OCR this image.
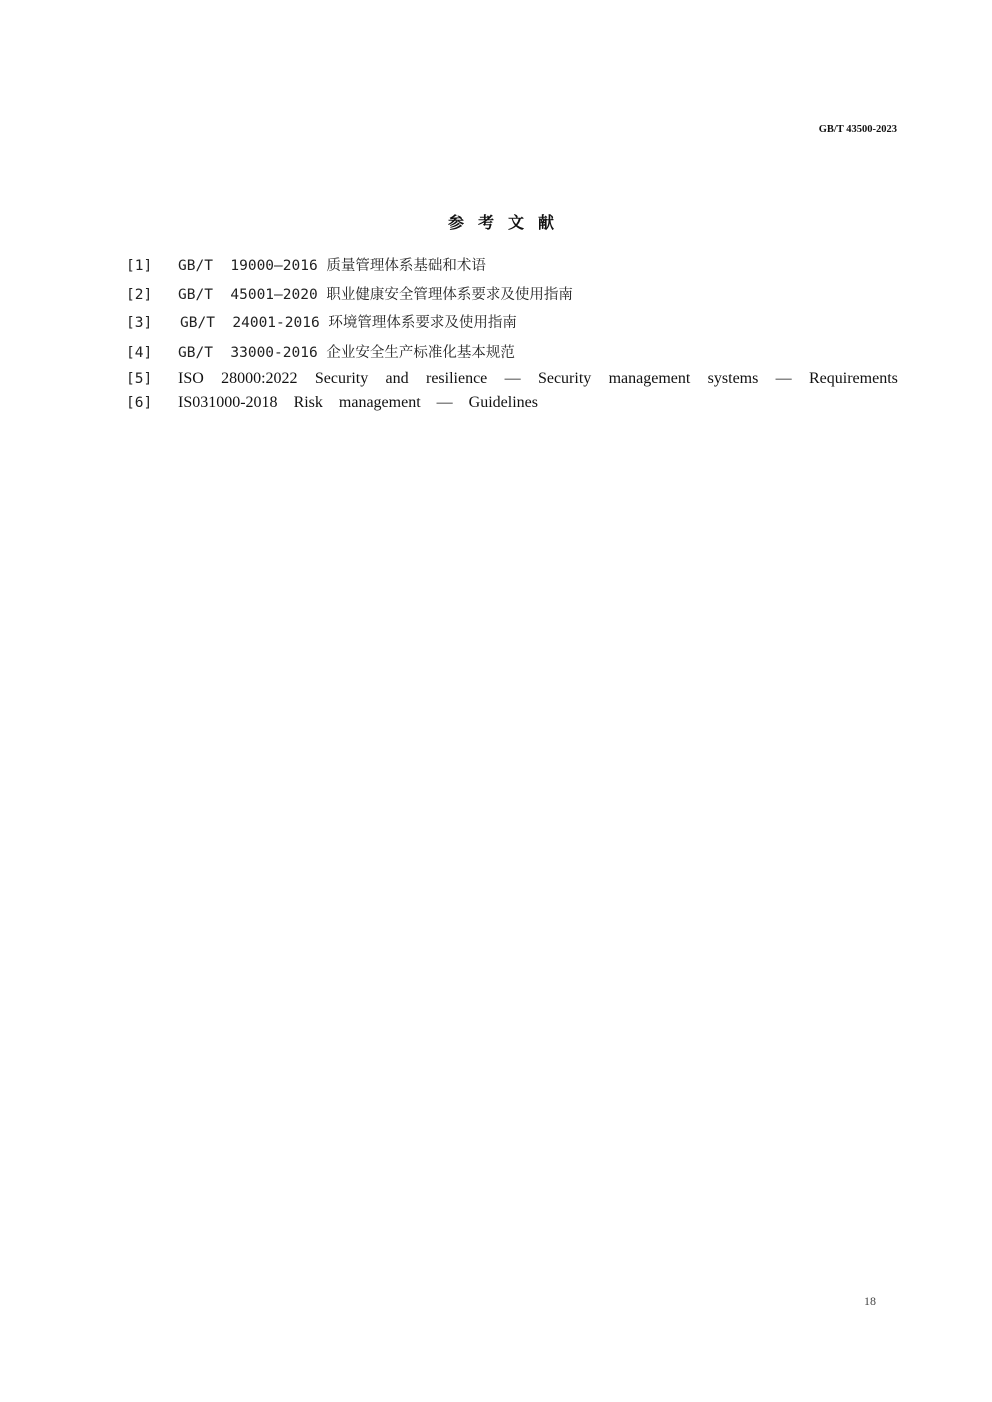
GB/T 43500-2023
参考文献
[1]	GB/T  19000—2016 质量管理体系基础和术语
[2]	GB/T  45001—2020 职业健康安全管理体系要求及使用指南
[3]	GB/T  24001-2016 环境管理体系要求及使用指南
[4]	GB/T  33000-2016 企业安全生产标准化基本规范
[5]	ISO 28000:2022 Security and resilience — Security management systems — Requirements
[6]	IS031000-2018 Risk management — Guidelines
18
